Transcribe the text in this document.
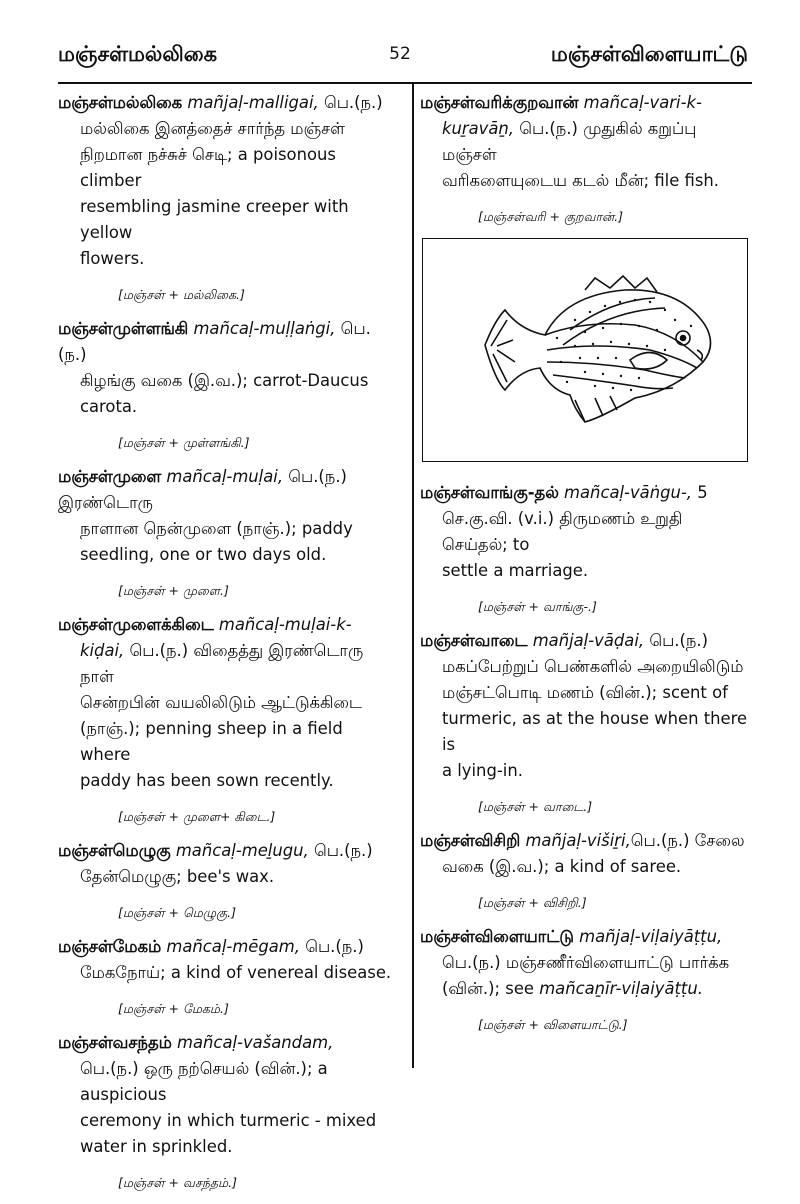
மஞ்சள்மல்லிகை	52	மஞ்சள்விளையாட்டு

மஞ்சள்மல்லிகை mañjaḷ-malligai, பெ.(ந.)
மல்லிகை இனத்தைச் சார்ந்த மஞ்சள்
நிறமான நச்சுச் செடி; a poisonous climber
resembling jasmine creeper with yellow
flowers.

[மஞ்சள் + மல்லிகை.]

மஞ்சள்முள்ளங்கி mañcaḷ-muḷḷaṅgi, பெ.(ந.)
கிழங்கு வகை (இ.வ.); carrot-Daucus
carota.

[மஞ்சள் + முள்ளங்கி.]

மஞ்சள்முளை mañcaḷ-muḷai, பெ.(ந.) இரண்டொரு
நாளான நென்முளை (நாஞ்.); paddy
seedling, one or two days old.

[மஞ்சள் + முளை.]

மஞ்சள்முளைக்கிடை mañcaḷ-muḷai-k-
kiḍai, பெ.(ந.) விதைத்து இரண்டொரு நாள்
சென்றபின் வயலிலிடும் ஆட்டுக்கிடை
(நாஞ்.); penning sheep in a field where
paddy has been sown recently.

[மஞ்சள் + முளை+ கிடை.]

மஞ்சள்மெழுகு mañcaḷ-meḻugu, பெ.(ந.)
தேன்மெழுகு; bee's wax.

[மஞ்சள் + மெழுகு.]

மஞ்சள்மேகம் mañcaḷ-mēgam, பெ.(ந.)
மேகநோய்; a kind of venereal disease.

[மஞ்சள் + மேகம்.]

மஞ்சள்வசந்தம் mañcaḷ-vašandam,
பெ.(ந.) ஒரு நற்செயல் (வின்.); a auspicious
ceremony in which turmeric - mixed
water in sprinkled.

[மஞ்சள் + வசந்தம்.]

மஞ்சள்வரிக்குறவான் mañcaḷ-vari-k-
kuṟavāṉ, பெ.(ந.) முதுகில் கறுப்பு மஞ்சள்
வரிகளையுடைய கடல் மீன்; file fish.

[மஞ்சள்வரி + குறவான்.]

மஞ்சள்வாங்கு-தல் mañcaḷ-vāṅgu-, 5
செ.கு.வி. (v.i.) திருமணம் உறுதி செய்தல்; to
settle a marriage.

[மஞ்சள் + வாங்கு-.]

மஞ்சள்வாடை mañjaḷ-vāḍai, பெ.(ந.)
மகப்பேற்றுப் பெண்களில் அறையிலிடும்
மஞ்சட்பொடி மணம் (வின்.); scent of
turmeric, as at the house when there is
a lying-in.

[மஞ்சள் + வாடை.]

மஞ்சள்விசிறி mañjaḷ-višiṟi,பெ.(ந.) சேலை
வகை (இ.வ.); a kind of saree.

[மஞ்சள் + விசிறி.]

மஞ்சள்விளையாட்டு mañjaḷ-viḷaiyāṭṭu,
பெ.(ந.) மஞ்சணீர்விளையாட்டு பார்க்க
(வின்.); see mañcaṉīr-viḷaiyāṭṭu.

[மஞ்சள் + விளையாட்டு.]
